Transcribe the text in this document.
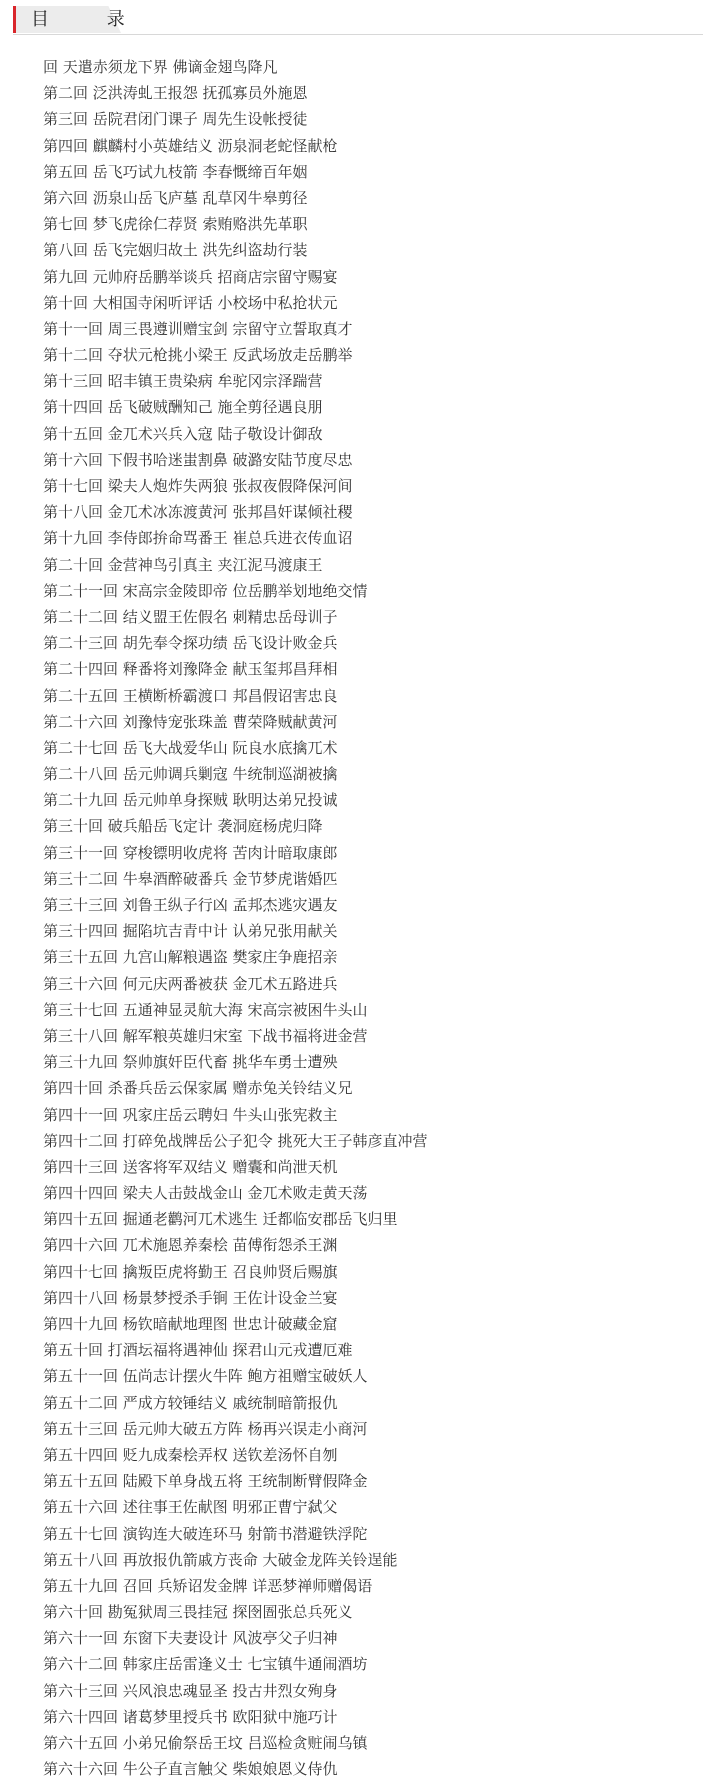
目 录
回 天遣赤须龙下界 佛谪金翅鸟降凡
第二回 泛洪涛虬王报怨 抚孤寡员外施恩
第三回 岳院君闭门课子 周先生设帐授徒
第四回 麒麟村小英雄结义 沥泉洞老蛇怪献枪
第五回 岳飞巧试九枝箭 李春慨缔百年姻
第六回 沥泉山岳飞庐墓 乱草冈牛皋剪径
第七回 梦飞虎徐仁荐贤 索贿赂洪先革职
第八回 岳飞完姻归故土 洪先纠盗劫行装
第九回 元帅府岳鹏举谈兵 招商店宗留守赐宴
第十回 大相国寺闲听评话 小校场中私抢状元
第十一回 周三畏遵训赠宝剑 宗留守立誓取真才
第十二回 夺状元枪挑小梁王 反武场放走岳鹏举
第十三回 昭丰镇王贵染病 牟驼冈宗泽踹营
第十四回 岳飞破贼酬知己 施全剪径遇良朋
第十五回 金兀术兴兵入寇 陆子敬设计御敌
第十六回 下假书哈迷蚩割鼻 破潞安陆节度尽忠
第十七回 梁夫人炮炸失两狼 张叔夜假降保河间
第十八回 金兀术冰冻渡黄河 张邦昌奸谋倾社稷
第十九回 李侍郎拚命骂番王 崔总兵进衣传血诏
第二十回 金营神鸟引真主 夹江泥马渡康王
第二十一回 宋高宗金陵即帝 位岳鹏举划地绝交情
第二十二回 结义盟王佐假名 刺精忠岳母训子
第二十三回 胡先奉令探功绩 岳飞设计败金兵
第二十四回 释番将刘豫降金 献玉玺邦昌拜相
第二十五回 王横断桥霸渡口 邦昌假诏害忠良
第二十六回 刘豫恃宠张珠盖 曹荣降贼献黄河
第二十七回 岳飞大战爱华山 阮良水底擒兀术
第二十八回 岳元帅调兵剿寇 牛统制巡湖被擒
第二十九回 岳元帅单身探贼 耿明达弟兄投诚
第三十回 破兵船岳飞定计 袭洞庭杨虎归降
第三十一回 穿梭镖明收虎将 苦肉计暗取康郎
第三十二回 牛皋酒醉破番兵 金节梦虎谐婚匹
第三十三回 刘鲁王纵子行凶 孟邦杰逃灾遇友
第三十四回 掘陷坑吉青中计 认弟兄张用献关
第三十五回 九宫山解粮遇盗 樊家庄争鹿招亲
第三十六回 何元庆两番被获 金兀术五路进兵
第三十七回 五通神显灵航大海 宋高宗被困牛头山
第三十八回 解军粮英雄归宋室 下战书福将进金营
第三十九回 祭帅旗奸臣代畜 挑华车勇士遭殃
第四十回 杀番兵岳云保家属 赠赤兔关铃结义兄
第四十一回 巩家庄岳云聘妇 牛头山张宪救主
第四十二回 打碎免战牌岳公子犯令 挑死大王子韩彦直冲营
第四十三回 送客将军双结义 赠囊和尚泄天机
第四十四回 梁夫人击鼓战金山 金兀术败走黄天荡
第四十五回 掘通老鹳河兀术逃生 迁都临安郡岳飞归里
第四十六回 兀术施恩养秦桧 苗傅衔怨杀王渊
第四十七回 擒叛臣虎将勤王 召良帅贤后赐旗
第四十八回 杨景梦授杀手锏 王佐计设金兰宴
第四十九回 杨钦暗献地理图 世忠计破藏金窟
第五十回 打酒坛福将遇神仙 探君山元戎遭厄难
第五十一回 伍尚志计摆火牛阵 鲍方祖赠宝破妖人
第五十二回 严成方较锤结义 戚统制暗箭报仇
第五十三回 岳元帅大破五方阵 杨再兴误走小商河
第五十四回 贬九成秦桧弄权 送钦差汤怀自刎
第五十五回 陆殿下单身战五将 王统制断臂假降金
第五十六回 述往事王佐献图 明邪正曹宁弑父
第五十七回 演钩连大破连环马 射箭书潜避铁浮陀
第五十八回 再放报仇箭戚方丧命 大破金龙阵关铃逞能
第五十九回 召回 兵矫诏发金牌 详恶梦禅师赠偈语
第六十回 勘冤狱周三畏挂冠 探囹圄张总兵死义
第六十一回 东窗下夫妻设计 风波亭父子归神
第六十二回 韩家庄岳雷逢义士 七宝镇牛通闹酒坊
第六十三回 兴风浪忠魂显圣 投古井烈女殉身
第六十四回 诸葛梦里授兵书 欧阳狱中施巧计
第六十五回 小弟兄偷祭岳王坟 吕巡检贪赃闹乌镇
第六十六回 牛公子直言触父 柴娘娘恩义侍仇
